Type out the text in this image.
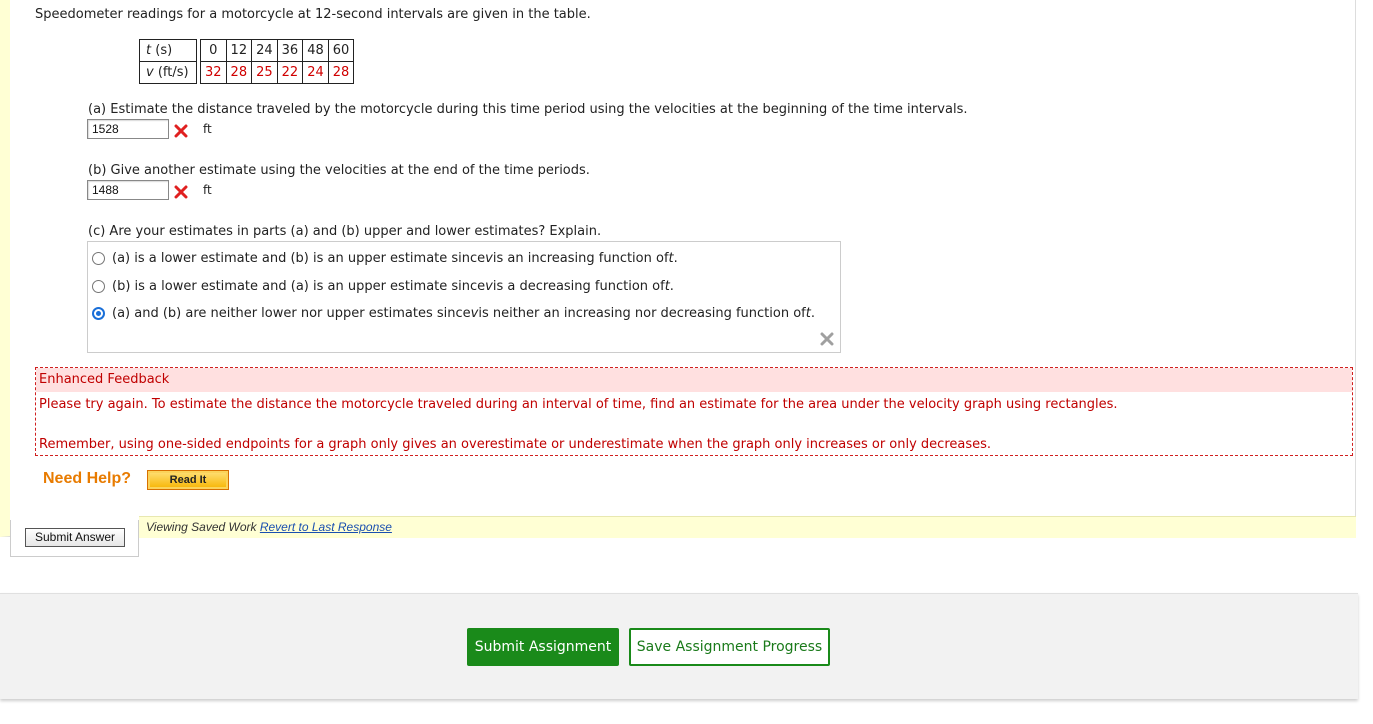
Speedometer readings for a motorcycle at 12-second intervals are given in the table.
t (s)		0	12	24	36	48	60
v (ft/s)		32	28	25	22	24	28
(a) Estimate the distance traveled by the motorcycle during this time period using the velocities at the beginning of the time intervals.
1528	ft
(b) Give another estimate using the velocities at the end of the time periods.
1488	ft
(c) Are your estimates in parts (a) and (b) upper and lower estimates? Explain.
(a) is a lower estimate and (b) is an upper estimate since v is an increasing function of t .
(b) is a lower estimate and (a) is an upper estimate since v is a decreasing function of t .
(a) and (b) are neither lower nor upper estimates since v is neither an increasing nor decreasing function of t .
Enhanced Feedback
Please try again. To estimate the distance the motorcycle traveled during an interval of time, find an estimate for the area under the velocity graph using rectangles.
Remember, using one-sided endpoints for a graph only gives an overestimate or underestimate when the graph only increases or only decreases.
Need Help?	Read It
Viewing Saved Work Revert to Last Response
Submit Answer
Submit Assignment	Save Assignment Progress
